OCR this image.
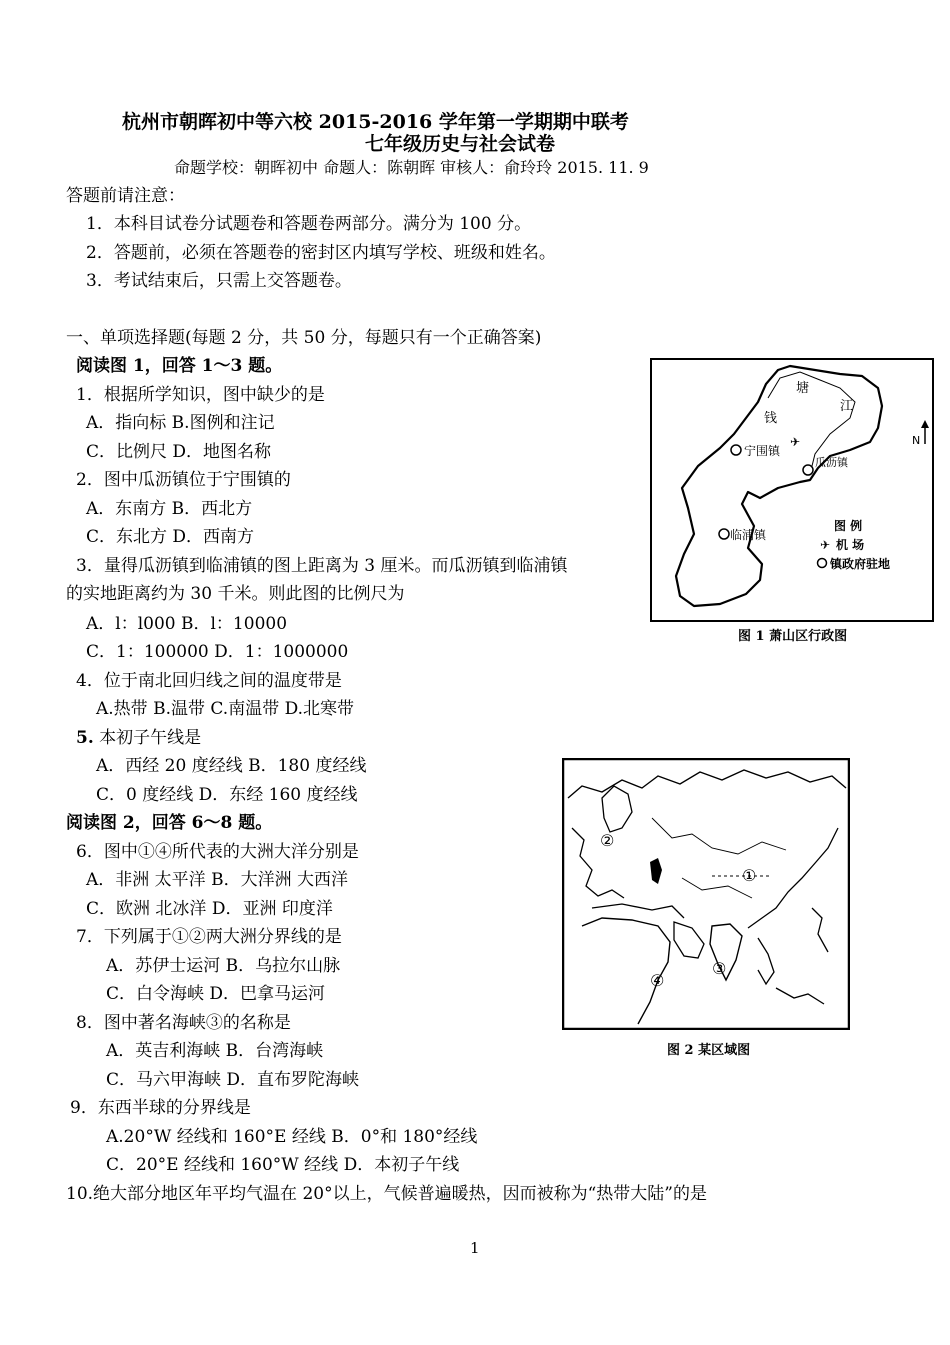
杭州市朝晖初中等六校 2015-2016 学年第一学期期中联考
七年级历史与社会试卷
命题学校：朝晖初中 命题人：陈朝晖 审核人：俞玲玲 2015. 11. 9
答题前请注意：
1．本科目试卷分试题卷和答题卷两部分。满分为 100 分。
2．答题前，必须在答题卷的密封区内填写学校、班级和姓名。
3．考试结束后，只需上交答题卷。
一、单项选择题(每题 2 分，共 50 分，每题只有一个正确答案)
阅读图 1，回答 1～3 题。
1．根据所学知识，图中缺少的是
A．指向标 B.图例和注记
C．比例尺 D．地图名称
2．图中瓜沥镇位于宁围镇的
A．东南方 B．西北方
C．东北方 D．西南方
3．量得瓜沥镇到临浦镇的图上距离为 3 厘米。而瓜沥镇到临浦镇
的实地距离约为 30 千米。则此图的比例尺为
A．l：l000 B．l：10000
C．1：100000 D．1：1000000
4．位于南北回归线之间的温度带是
A.热带 B.温带 C.南温带 D.北寒带
5. 本初子午线是
A．西经 20 度经线 B．180 度经线
C．0 度经线 D．东经 160 度经线
阅读图 2，回答 6～8 题。
6．图中①④所代表的大洲大洋分别是
A．非洲 太平洋 B．大洋洲 大西洋
C．欧洲 北冰洋 D．亚洲 印度洋
7．下列属于①②两大洲分界线的是
A．苏伊士运河 B．乌拉尔山脉
C．白令海峡 D．巴拿马运河
8．图中著名海峡③的名称是
A．英吉利海峡 B．台湾海峡
C．马六甲海峡 D．直布罗陀海峡
9．东西半球的分界线是
A.20°W 经线和 160°E 经线 B．0°和 180°经线
C．20°E 经线和 160°W 经线 D．本初子午线
10.绝大部分地区年平均气温在 20°以上，气候普遍暖热，因而被称为“热带大陆”的是
塘
江
钱
N
宁围镇
✈
瓜沥镇
临浦镇
图 例
✈ 机 场
镇政府驻地
图 1 萧山区行政图
①
②
③
④
图 2 某区域图
1
